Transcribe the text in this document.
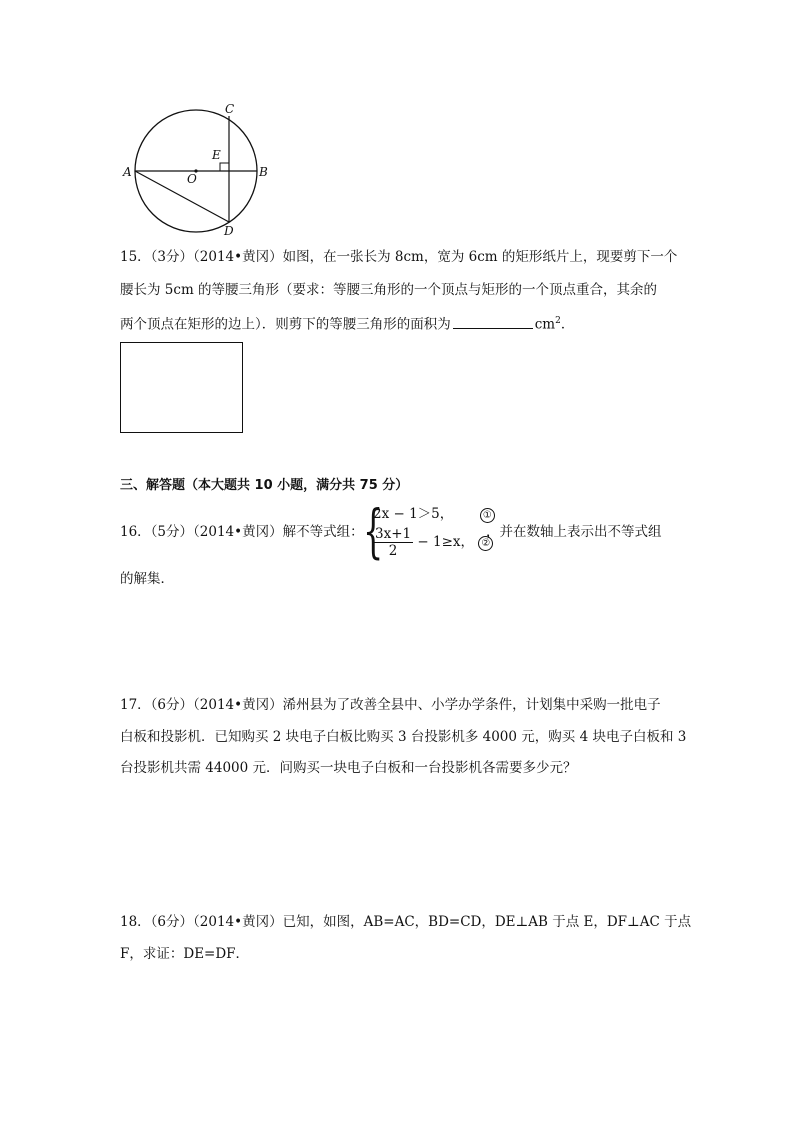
A	B
C
D
E
O
15．（3分）（2014•黄冈）如图，在一张长为 8cm，宽为 6cm 的矩形纸片上，现要剪下一个
腰长为 5cm 的等腰三角形（要求：等腰三角形的一个顶点与矩形的一个顶点重合，其余的
两个顶点在矩形的边上）．则剪下的等腰三角形的面积为	$cm^2$．
三、解答题（本大题共 10 小题，满分共 75 分）
16．（5分）（2014•黄冈）解不等式组： {
2x − 1＞5，	①
$\frac{3x+1}{2} - 1\ge x$， ②
，并在数轴上表示出不等式组
的解集．
17．（6分）（2014•黄冈）浠州县为了改善全县中、小学办学条件，计划集中采购一批电子
白板和投影机．已知购买 2 块电子白板比购买 3 台投影机多 4000 元，购买 4 块电子白板和 3
台投影机共需 44000 元．问购买一块电子白板和一台投影机各需要多少元？
18．（6分）（2014•黄冈）已知，如图，AB=AC，BD=CD，DE⊥AB 于点 E，DF⊥AC 于点
F，求证：DE=DF．
